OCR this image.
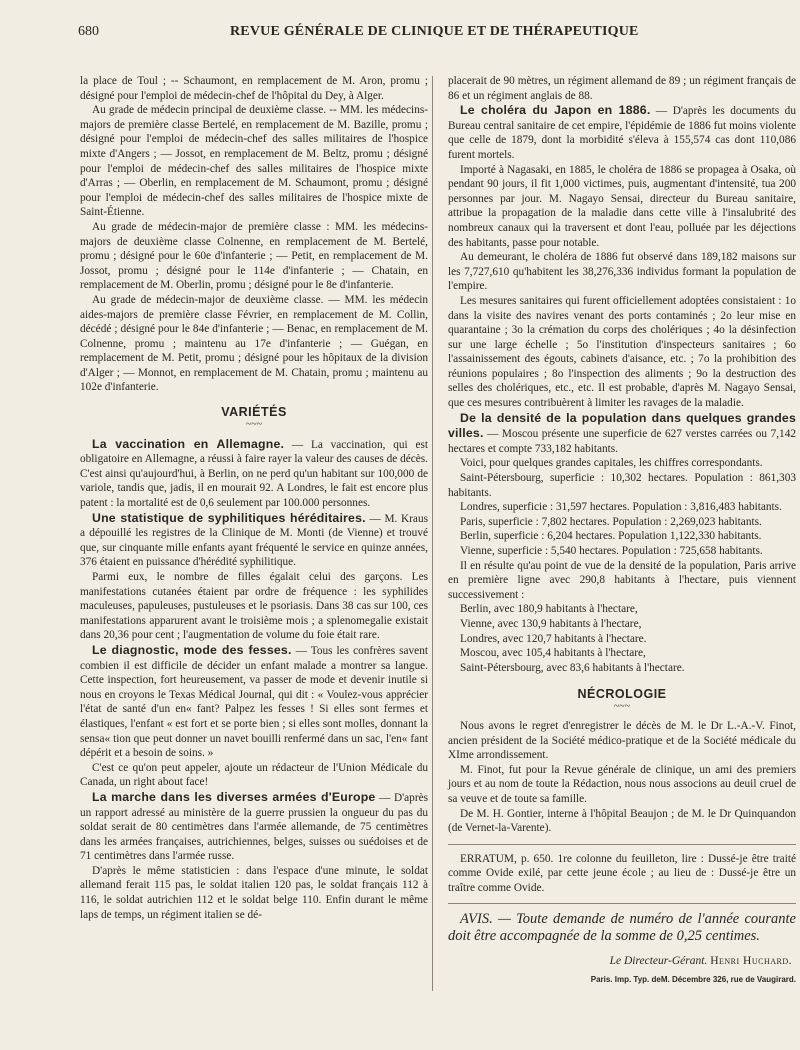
680	REVUE GÉNÉRALE DE CLINIQUE ET DE THÉRAPEUTIQUE

la place de Toul ; -- Schaumont, en remplacement de M. Aron, promu ; désigné pour l'emploi de médecin-chef de l'hôpital du Dey, à Alger.

Au grade de médecin principal de deuxième classe. -- MM. les médecins-majors de première classe Bertelé, en remplacement de M. Bazille, promu ; désigné pour l'emploi de médecin-chef des salles militaires de l'hospice mixte d'Angers ; — Jossot, en remplacement de M. Beltz, promu ; désigné pour l'emploi de médecin-chef des salles militaires de l'hospice mixte d'Arras ; — Oberlin, en remplacement de M. Schaumont, promu ; désigné pour l'emploi de médecin-chef des salles militaires de l'hospice mixte de Saint-Étienne.

Au grade de médecin-major de première classe : MM. les médecins-majors de deuxième classe Colnenne, en remplacement de M. Bertelé, promu ; désigné pour le 60e d'infanterie ; — Petit, en remplacement de M. Jossot, promu ; désigné pour le 114e d'infanterie ; — Chatain, en remplacement de M. Oberlin, promu ; désigné pour le 8e d'infanterie.

Au grade de médecin-major de deuxième classe. — MM. les médecin aides-majors de première classe Février, en remplacement de M. Collin, décédé ; désigné pour le 84e d'infanterie ; — Benac, en remplacement de M. Colnenne, promu ; maintenu au 17e d'infanterie ; — Guégan, en remplacement de M. Petit, promu ; désigné pour les hôpitaux de la division d'Alger ; — Monnot, en remplacement de M. Chatain, promu ; maintenu au 102e d'infanterie.

VARIÉTÉS
~~~

La vaccination en Allemagne. — La vaccination, qui est obligatoire en Allemagne, a réussi à faire rayer la valeur des causes de décès. C'est ainsi qu'aujourd'hui, à Berlin, on ne perd qu'un habitant sur 100,000 de variole, tandis que, jadis, il en mourait 92. A Londres, le fait est encore plus patent : la mortalité est de 0,6 seulement par 100.000 personnes.

Une statistique de syphilitiques héréditaires. — M. Kraus a dépouillé les registres de la Clinique de M. Monti (de Vienne) et trouvé que, sur cinquante mille enfants ayant fréquenté le service en quinze années, 376 étaient en puissance d'hérédité syphilitique.

Parmi eux, le nombre de filles égalait celui des garçons. Les manifestations cutanées étaient par ordre de fréquence : les syphilides maculeuses, papuleuses, pustuleuses et le psoriasis. Dans 38 cas sur 100, ces manifestations apparurent avant le troisième mois ; a splenomegalie existait dans 20,36 pour cent ; l'augmentation de volume du foie était rare.

Le diagnostic, mode des fesses. — Tous les confrères savent combien il est difficile de décider un enfant malade a montrer sa langue. Cette inspection, fort heureusement, va passer de mode et devenir inutile si nous en croyons le Texas Médical Journal, qui dit : « Voulez-vous apprécier l'état de santé d'un en« fant? Palpez les fesses ! Si elles sont fermes et élastiques, l'enfant « est fort et se porte bien ; si elles sont molles, donnant la sensa« tion que peut donner un navet bouilli renfermé dans un sac, l'en« fant dépérit et a besoin de soins. »

C'est ce qu'on peut appeler, ajoute un rédacteur de l'Union Médicale du Canada, un right about face!

La marche dans les diverses armées d'Europe — D'après un rapport adressé au ministère de la guerre prussien la ongueur du pas du soldat serait de 80 centimètres dans l'armée allemande, de 75 centimètres dans les armées françaises, autrichiennes, belges, suisses ou suédoises et de 71 centimètres dans l'armée russe.

D'après le même statisticien : dans l'espace d'une minute, le soldat allemand ferait 115 pas, le soldat italien 120 pas, le soldat français 112 à 116, le soldat autrichien 112 et le soldat belge 110. Enfin durant le même laps de temps, un régiment italien se dé-

placerait de 90 mètres, un régiment allemand de 89 ; un régiment français de 86 et un régiment anglais de 88.

Le choléra du Japon en 1886. — D'après les documents du Bureau central sanitaire de cet empire, l'épidémie de 1886 fut moins violente que celle de 1879, dont la morbidité s'éleva à 155,574 cas dont 110,086 furent mortels.

Importé à Nagasaki, en 1885, le choléra de 1886 se propagea à Osaka, où pendant 90 jours, il fit 1,000 victimes, puis, augmentant d'intensité, tua 200 personnes par jour. M. Nagayo Sensai, directeur du Bureau sanitaire, attribue la propagation de la maladie dans cette ville à l'insalubrité des nombreux canaux qui la traversent et dont l'eau, polluée par les déjections des habitants, passe pour notable.

Au demeurant, le choléra de 1886 fut observé dans 189,182 maisons sur les 7,727,610 qu'habitent les 38,276,336 individus formant la population de l'empire.

Les mesures sanitaires qui furent officiellement adoptées consistaient : 1o dans la visite des navires venant des ports contaminés ; 2o leur mise en quarantaine ; 3o la crémation du corps des cholériques ; 4o la désinfection sur une large échelle ; 5o l'institution d'inspecteurs sanitaires ; 6o l'assainissement des égouts, cabinets d'aisance, etc. ; 7o la prohibition des réunions populaires ; 8o l'inspection des aliments ; 9o la destruction des selles des cholériques, etc., etc. Il est probable, d'après M. Nagayo Sensai, que ces mesures contribuèrent à limiter les ravages de la maladie.

De la densité de la population dans quelques grandes villes. — Moscou présente une superficie de 627 verstes carrées ou 7,142 hectares et compte 733,182 habitants.

Voici, pour quelques grandes capitales, les chiffres correspondants.

Saint-Pétersbourg, superficie : 10,302 hectares. Population : 861,303 habitants.

Londres, superficie : 31,597 hectares. Population : 3,816,483 habitants.

Paris, superficie : 7,802 hectares. Population : 2,269,023 habitants.

Berlin, superficie : 6,204 hectares. Population 1,122,330 habitants.

Vienne, superficie : 5,540 hectares. Population : 725,658 habitants.

Il en résulte qu'au point de vue de la densité de la population, Paris arrive en première ligne avec 290,8 habitants à l'hectare, puis viennent successivement :

Berlin, avec 180,9 habitants à l'hectare,

Vienne, avec 130,9 habitants à l'hectare,

Londres, avec 120,7 habitants à l'hectare.

Moscou, avec 105,4 habitants à l'hectare,

Saint-Pétersbourg, avec 83,6 habitants à l'hectare.

NÉCROLOGIE
~~~

Nous avons le regret d'enregistrer le décès de M. le Dr L.-A.-V. Finot, ancien président de la Société médico-pratique et de la Société médicale du XIme arrondissement.

M. Finot, fut pour la Revue générale de clinique, un ami des premiers jours et au nom de toute la Rédaction, nous nous associons au deuil cruel de sa veuve et de toute sa famille.

De M. H. Gontier, interne à l'hôpital Beaujon ; de M. le Dr Quinquandon (de Vernet-la-Varente).

ERRATUM, p. 650. 1re colonne du feuilleton, lire : Dussé-je être traité comme Ovide exilé, par cette jeune école ; au lieu de : Dussé-je être un traître comme Ovide.

AVIS. — Toute demande de numéro de l'année courante doit être accompagnée de la somme de 0,25 centimes.

Le Directeur-Gérant. Henri Huchard.
Paris. Imp. Typ. deM. Décembre 326, rue de Vaugirard.
